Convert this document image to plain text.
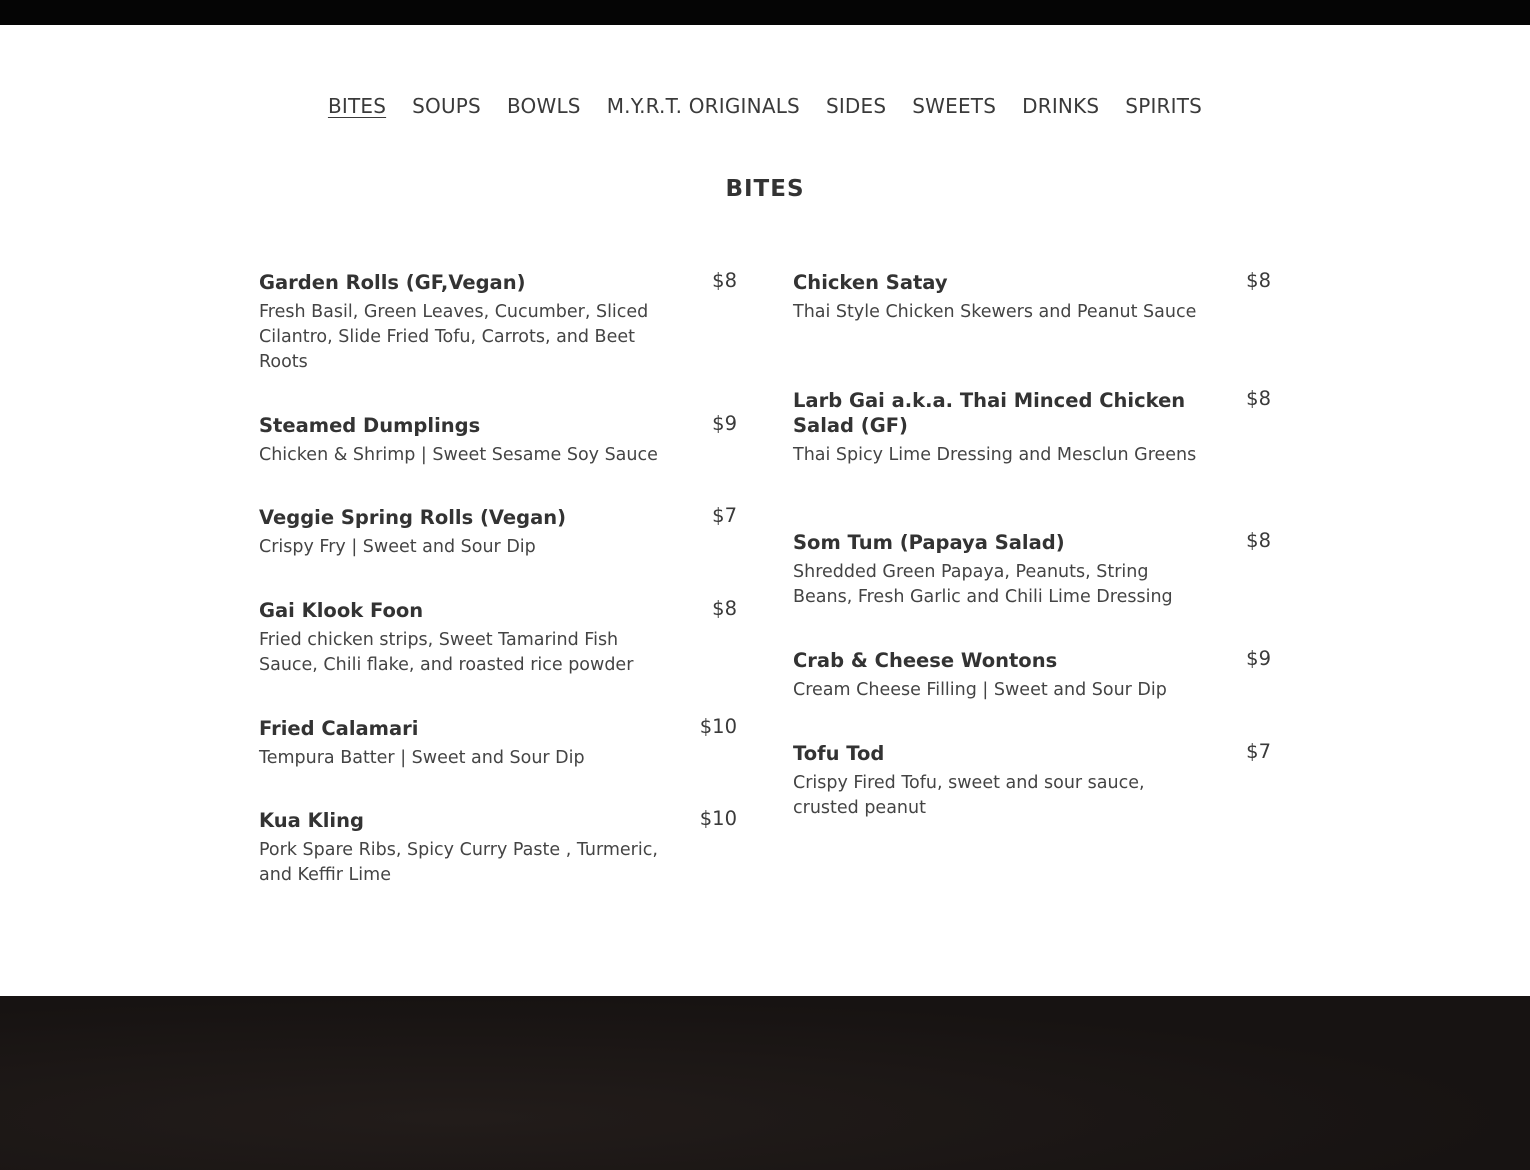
BITES SOUPS BOWLS M.Y.R.T. ORIGINALS SIDES SWEETS DRINKS SPIRITS
BITES
Garden Rolls (GF,Vegan)	$8
Fresh Basil, Green Leaves, Cucumber, Sliced Cilantro, Slide Fried Tofu, Carrots, and Beet Roots
Steamed Dumplings	$9
Chicken & Shrimp | Sweet Sesame Soy Sauce
Veggie Spring Rolls (Vegan)	$7
Crispy Fry | Sweet and Sour Dip
Gai Klook Foon	$8
Fried chicken strips, Sweet Tamarind Fish Sauce, Chili flake, and roasted rice powder
Fried Calamari	$10
Tempura Batter | Sweet and Sour Dip
Kua Kling	$10
Pork Spare Ribs, Spicy Curry Paste , Turmeric, and Keffir Lime
Chicken Satay	$8
Thai Style Chicken Skewers and Peanut Sauce
Larb Gai a.k.a. Thai Minced Chicken Salad (GF)
$8
Thai Spicy Lime Dressing and Mesclun Greens
Som Tum (Papaya Salad)	$8
Shredded Green Papaya, Peanuts, String Beans, Fresh Garlic and Chili Lime Dressing
Crab & Cheese Wontons	$9
Cream Cheese Filling | Sweet and Sour Dip
Tofu Tod	$7
Crispy Fired Tofu, sweet and sour sauce, crusted peanut
